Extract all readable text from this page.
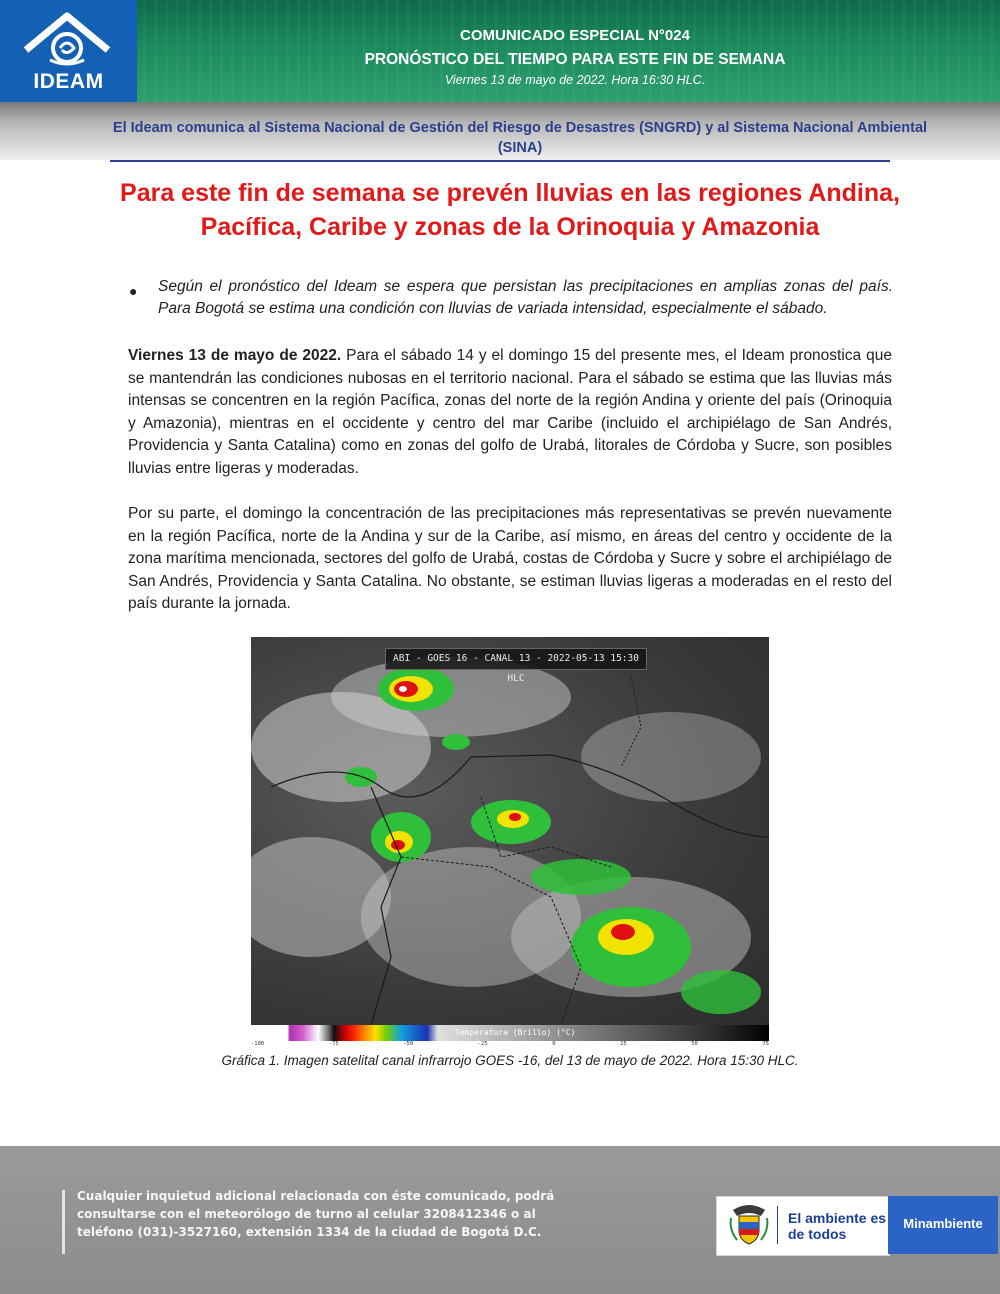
IDEAM
COMUNICADO ESPECIAL N°024
PRONÓSTICO DEL TIEMPO PARA ESTE FIN DE SEMANA
Viernes 13 de mayo de 2022. Hora 16:30 HLC.
El Ideam comunica al Sistema Nacional de Gestión del Riesgo de Desastres (SNGRD) y al Sistema Nacional Ambiental (SINA)
Para este fin de semana se prevén lluvias en las regiones Andina, Pacífica, Caribe y zonas de la Orinoquia y Amazonia
● Según el pronóstico del Ideam se espera que persistan las precipitaciones en amplias zonas del país. Para Bogotá se estima una condición con lluvias de variada intensidad, especialmente el sábado.
Viernes 13 de mayo de 2022. Para el sábado 14 y el domingo 15 del presente mes, el Ideam pronostica que se mantendrán las condiciones nubosas en el territorio nacional. Para el sábado se estima que las lluvias más intensas se concentren en la región Pacífica, zonas del norte de la región Andina y oriente del país (Orinoquia y Amazonia), mientras en el occidente y centro del mar Caribe (incluido el archipiélago de San Andrés, Providencia y Santa Catalina) como en zonas del golfo de Urabá, litorales de Córdoba y Sucre, son posibles lluvias entre ligeras y moderadas.
Por su parte, el domingo la concentración de las precipitaciones más representativas se prevén nuevamente en la región Pacífica, norte de la Andina y sur de la Caribe, así mismo, en áreas del centro y occidente de la zona marítima mencionada, sectores del golfo de Urabá, costas de Córdoba y Sucre y sobre el archipiélago de San Andrés, Providencia y Santa Catalina. No obstante, se estiman lluvias ligeras a moderadas en el resto del país durante la jornada.
ABI - GOES 16 - CANAL 13 - 2022-05-13 15:30 HLC
Temperatura (Brillo) (°C)
-100	-75	-50	-25	0	25	50	75
Gráfica 1. Imagen satelital canal infrarrojo GOES -16, del 13 de mayo de 2022. Hora 15:30 HLC.
Cualquier inquietud adicional relacionada con éste comunicado, podrá consultarse con el meteorólogo de turno al celular 3208412346 o al teléfono (031)-3527160, extensión 1334 de la ciudad de Bogotá D.C.
El ambiente es de todos
Minambiente
